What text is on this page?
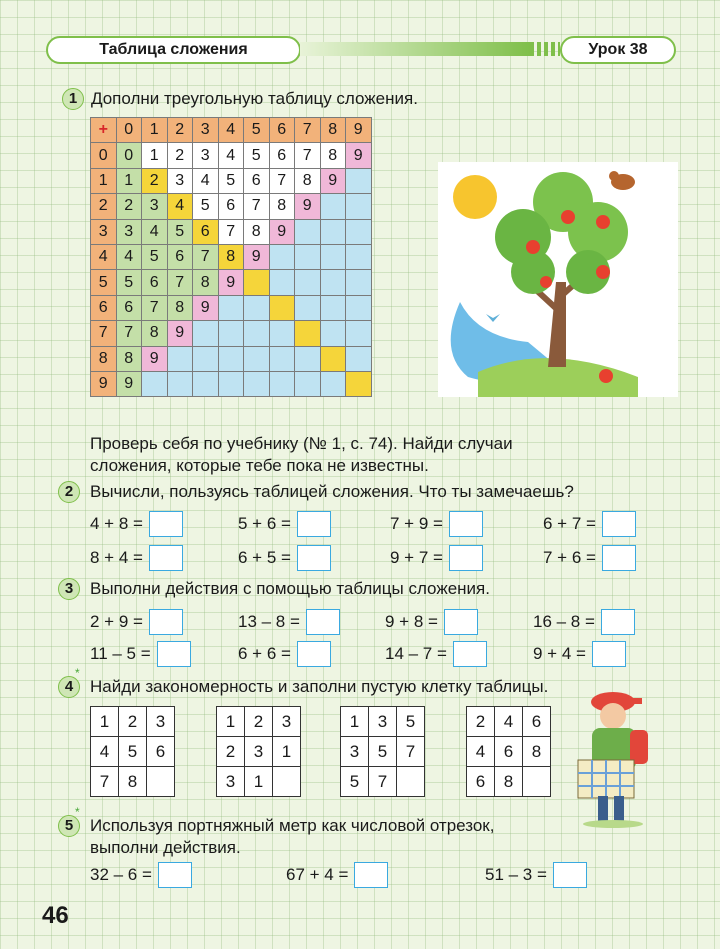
Таблица сложения	Урок 38
1 Дополни треугольную таблицу сложения.
+	0	1	2	3	4	5	6	7	8	9
0	0	1	2	3	4	5	6	7	8	9
1	1	2	3	4	5	6	7	8	9	
2	2	3	4	5	6	7	8	9		
3	3	4	5	6	7	8	9			
4	4	5	6	7	8	9				
5	5	6	7	8	9					
6	6	7	8	9						
7	7	8	9							
8	8	9								
9	9									
Проверь себя по учебнику (№ 1, с. 74). Найди случаи
сложения, которые тебе пока не известны.
2 Вычисли, пользуясь таблицей сложения. Что ты замечаешь?
4 + 8 =	5 + 6 =	7 + 9 =	6 + 7 =
8 + 4 =	6 + 5 =	9 + 7 =	7 + 6 =
3 Выполни действия с помощью таблицы сложения.
2 + 9 =	13 – 8 =	9 + 8 =	16 – 8 =
11 – 5 =	6 + 6 =	14 – 7 =	9 + 4 =
4
*
Найди закономерность и заполни пустую клетку таблицы.
1	2	3
4	5	6
7	8	
1	2	3
2	3	1
3	1	
1	3	5
3	5	7
5	7	
2	4	6
4	6	8
6	8	
5
*
Используя портняжный метр как числовой отрезок,
выполни действия.
32 – 6 =	67 + 4 =	51 – 3 =
46
